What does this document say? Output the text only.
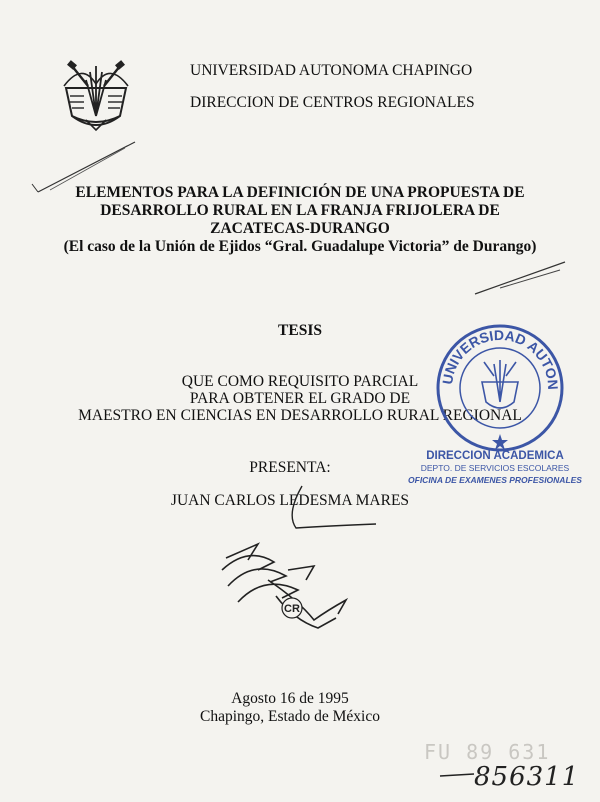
UNIVERSIDAD AUTONOMA CHAPINGO
DIRECCION DE CENTROS REGIONALES
ELEMENTOS PARA LA DEFINICIÓN DE UNA PROPUESTA DE
DESARROLLO RURAL EN LA FRANJA FRIJOLERA DE
ZACATECAS-DURANGO
(El caso de la Unión de Ejidos “Gral. Guadalupe Victoria” de Durango)
TESIS
QUE COMO REQUISITO PARCIAL
PARA OBTENER EL GRADO DE
MAESTRO EN CIENCIAS EN DESARROLLO RURAL REGIONAL
UNIVERSIDAD AUTONOMA CHAPINGO
DIRECCION ACADEMICA
DEPTO. DE SERVICIOS ESCOLARES
OFICINA DE EXAMENES PROFESIONALES
PRESENTA:
JUAN CARLOS LEDESMA MARES
CR
Agosto 16 de 1995
Chapingo, Estado de México
FU 89 631
856311
